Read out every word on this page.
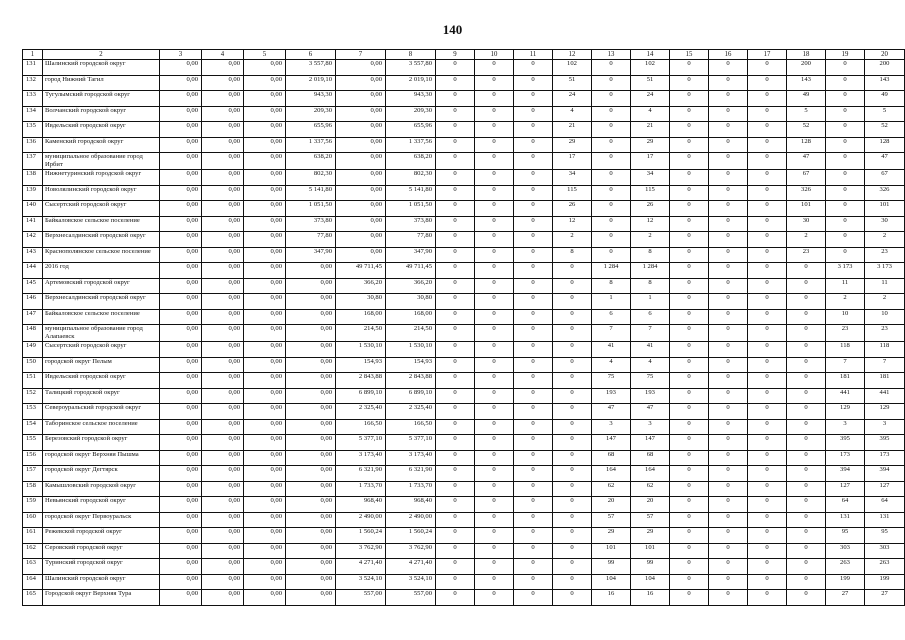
140
1	2	3	4	5	6	7	8	9	10	11	12	13	14	15	16	17	18	19	20
131	Шалинский городской округ	0,00	0,00	0,00	3 557,80	0,00	3 557,80	0	0	0	102	0	102	0	0	0	200	0	200
132	город Нижний Тагил	0,00	0,00	0,00	2 019,10	0,00	2 019,10	0	0	0	51	0	51	0	0	0	143	0	143
133	Тугулымский городской округ	0,00	0,00	0,00	943,30	0,00	943,30	0	0	0	24	0	24	0	0	0	49	0	49
134	Волчанский городской округ	0,00	0,00	0,00	209,30	0,00	209,30	0	0	0	4	0	4	0	0	0	5	0	5
135	Ивдельский городской округ	0,00	0,00	0,00	655,96	0,00	655,96	0	0	0	21	0	21	0	0	0	52	0	52
136	Каменский городской округ	0,00	0,00	0,00	1 337,56	0,00	1 337,56	0	0	0	29	0	29	0	0	0	128	0	128
137	муниципальное образование город Ирбит	0,00	0,00	0,00	638,20	0,00	638,20	0	0	0	17	0	17	0	0	0	47	0	47
138	Нижнетуринский городской округ	0,00	0,00	0,00	802,30	0,00	802,30	0	0	0	34	0	34	0	0	0	67	0	67
139	Новолялинский городской округ	0,00	0,00	0,00	5 141,80	0,00	5 141,80	0	0	0	115	0	115	0	0	0	326	0	326
140	Сысертский городской округ	0,00	0,00	0,00	1 051,50	0,00	1 051,50	0	0	0	26	0	26	0	0	0	101	0	101
141	Байкаловское сельское поселение	0,00	0,00	0,00	373,80	0,00	373,80	0	0	0	12	0	12	0	0	0	30	0	30
142	Верхнесалдинский городской округ	0,00	0,00	0,00	77,80	0,00	77,80	0	0	0	2	0	2	0	0	0	2	0	2
143	Краснополянское сельское поселение	0,00	0,00	0,00	347,90	0,00	347,90	0	0	0	8	0	8	0	0	0	23	0	23
144	2016 год	0,00	0,00	0,00	0,00	49 711,45	49 711,45	0	0	0	0	1 284	1 284	0	0	0	0	3 173	3 173
145	Артемовский городской округ	0,00	0,00	0,00	0,00	366,20	366,20	0	0	0	0	8	8	0	0	0	0	11	11
146	Верхнесалдинский городской округ	0,00	0,00	0,00	0,00	30,80	30,80	0	0	0	0	1	1	0	0	0	0	2	2
147	Байкаловское сельское поселение	0,00	0,00	0,00	0,00	168,00	168,00	0	0	0	0	6	6	0	0	0	0	10	10
148	муниципальное образование город Алапаевск	0,00	0,00	0,00	0,00	214,50	214,50	0	0	0	0	7	7	0	0	0	0	23	23
149	Сысертский городской округ	0,00	0,00	0,00	0,00	1 530,10	1 530,10	0	0	0	0	41	41	0	0	0	0	118	118
150	городской округ Пелым	0,00	0,00	0,00	0,00	154,93	154,93	0	0	0	0	4	4	0	0	0	0	7	7
151	Ивдельский городской округ	0,00	0,00	0,00	0,00	2 843,88	2 843,88	0	0	0	0	75	75	0	0	0	0	181	181
152	Талицкий городской округ	0,00	0,00	0,00	0,00	6 899,10	6 899,10	0	0	0	0	193	193	0	0	0	0	441	441
153	Североуральский городской округ	0,00	0,00	0,00	0,00	2 325,40	2 325,40	0	0	0	0	47	47	0	0	0	0	129	129
154	Таборинское сельское поселение	0,00	0,00	0,00	0,00	166,50	166,50	0	0	0	0	3	3	0	0	0	0	3	3
155	Березовский городской округ	0,00	0,00	0,00	0,00	5 377,10	5 377,10	0	0	0	0	147	147	0	0	0	0	395	395
156	городской округ Верхняя Пышма	0,00	0,00	0,00	0,00	3 173,40	3 173,40	0	0	0	0	68	68	0	0	0	0	173	173
157	городской округ Дегтярск	0,00	0,00	0,00	0,00	6 321,90	6 321,90	0	0	0	0	164	164	0	0	0	0	394	394
158	Камышловский городской округ	0,00	0,00	0,00	0,00	1 733,70	1 733,70	0	0	0	0	62	62	0	0	0	0	127	127
159	Невьянский городской округ	0,00	0,00	0,00	0,00	968,40	968,40	0	0	0	0	20	20	0	0	0	0	64	64
160	городской округ Первоуральск	0,00	0,00	0,00	0,00	2 490,00	2 490,00	0	0	0	0	57	57	0	0	0	0	131	131
161	Режевской городской округ	0,00	0,00	0,00	0,00	1 560,24	1 560,24	0	0	0	0	29	29	0	0	0	0	95	95
162	Серовский городской округ	0,00	0,00	0,00	0,00	3 762,90	3 762,90	0	0	0	0	101	101	0	0	0	0	303	303
163	Туринский городской округ	0,00	0,00	0,00	0,00	4 271,40	4 271,40	0	0	0	0	99	99	0	0	0	0	263	263
164	Шалинский городской округ	0,00	0,00	0,00	0,00	3 524,10	3 524,10	0	0	0	0	104	104	0	0	0	0	199	199
165	Городской округ Верхняя Тура	0,00	0,00	0,00	0,00	557,00	557,00	0	0	0	0	16	16	0	0	0	0	27	27
